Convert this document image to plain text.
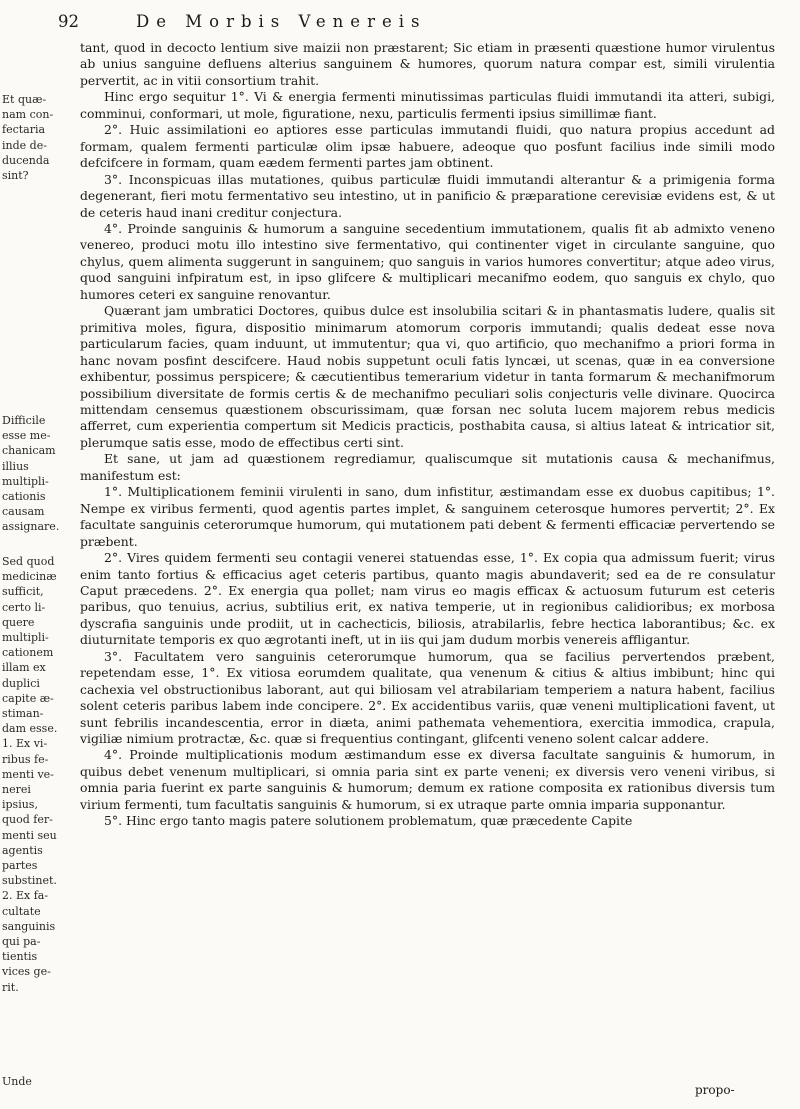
92	De Morbis Venereis
Et quæ-nam con-fectaria inde de-ducenda sint?
Difficile esse me-chanicam illius multipli-cationis causam assignare.
Sed quod medicinæ sufficit, certo li-quere multipli-cationem illam ex duplici capite æ-stiman-dam esse. 1. Ex vi-ribus fe-menti ve-nerei ipsius, quod fer-menti seu agentis partes substinet. 2. Ex fa-cultate sanguinis qui pa-tientis vices ge-rit.
Unde

tant, quod in decocto lentium sive maizii non præstarent; Sic etiam in præsenti quæstione humor virulentus ab unius sanguine defluens alterius sanguinem & humores, quorum natura compar est, simili virulentia pervertit, ac in vitii consortium trahit.

Hinc ergo sequitur 1°. Vi & energia fermenti minutissimas particulas fluidi immutandi ita atteri, subigi, comminui, conformari, ut mole, figuratione, nexu, particulis fermenti ipsius simillimæ fiant.

2°. Huic assimilationi eo aptiores esse particulas immutandi fluidi, quo natura propius accedunt ad formam, qualem fermenti particulæ olim ipsæ habuere, adeoque quo posfunt facilius inde simili modo defcifcere in formam, quam eædem fermenti partes jam obtinent.

3°. Inconspicuas illas mutationes, quibus particulæ fluidi immutandi alterantur & a primigenia forma degenerant, fieri motu fermentativo seu intestino, ut in panificio & præparatione cerevisiæ evidens est, & ut de ceteris haud inani creditur conjectura.

4°. Proinde sanguinis & humorum a sanguine secedentium immutationem, qualis fit ab admixto veneno venereo, produci motu illo intestino sive fermentativo, qui continenter viget in circulante sanguine, quo chylus, quem alimenta suggerunt in sanguinem; quo sanguis in varios humores convertitur; atque adeo virus, quod sanguini infpiratum est, in ipso glifcere & multiplicari mecanifmo eodem, quo sanguis ex chylo, quo humores ceteri ex sanguine renovantur.

Quærant jam umbratici Doctores, quibus dulce est insolubilia scitari & in phantasmatis ludere, qualis sit primitiva moles, figura, dispositio minimarum atomorum corporis immutandi; qualis dedeat esse nova particularum facies, quam induunt, ut immutentur; qua vi, quo artificio, quo mechanifmo a priori forma in hanc novam posfint descifcere. Haud nobis suppetunt oculi fatis lyncæi, ut scenas, quæ in ea conversione exhibentur, possimus perspicere; & cæcutientibus temerarium videtur in tanta formarum & mechanifmorum possibilium diversitate de formis certis & de mechanifmo peculiari solis conjecturis velle divinare. Quocirca mittendam censemus quæstionem obscurissimam, quæ forsan nec soluta lucem majorem rebus medicis afferret, cum experientia compertum sit Medicis practicis, posthabita causa, si altius lateat & intricatior sit, plerumque satis esse, modo de effectibus certi sint.

Et sane, ut jam ad quæstionem regrediamur, qualiscumque sit mutationis causa & mechanifmus, manifestum est:

1°. Multiplicationem feminii virulenti in sano, dum infistitur, æstimandam esse ex duobus capitibus; 1°. Nempe ex viribus fermenti, quod agentis partes implet, & sanguinem ceterosque humores pervertit; 2°. Ex facultate sanguinis ceterorumque humorum, qui mutationem pati debent & fermenti efficaciæ pervertendo se præbent.

2°. Vires quidem fermenti seu contagii venerei statuendas esse, 1°. Ex copia qua admissum fuerit; virus enim tanto fortius & efficacius aget ceteris partibus, quanto magis abundaverit; sed ea de re consulatur Caput præcedens. 2°. Ex energia qua pollet; nam virus eo magis efficax & actuosum futurum est ceteris paribus, quo tenuius, acrius, subtilius erit, ex nativa temperie, ut in regionibus calidioribus; ex morbosa dyscrafia sanguinis unde prodiit, ut in cachecticis, biliosis, atrabilarlis, febre hectica laborantibus; &c. ex diuturnitate temporis ex quo ægrotanti ineft, ut in iis qui jam dudum morbis venereis affligantur.

3°. Facultatem vero sanguinis ceterorumque humorum, qua se facilius pervertendos præbent, repetendam esse, 1°. Ex vitiosa eorumdem qualitate, qua venenum & citius & altius imbibunt; hinc qui cachexia vel obstructionibus laborant, aut qui biliosam vel atrabilariam temperiem a natura habent, facilius solent ceteris paribus labem inde concipere. 2°. Ex accidentibus variis, quæ veneni multiplicationi favent, ut sunt febrilis incandescentia, error in diæta, animi pathemata vehementiora, exercitia immodica, crapula, vigiliæ nimium protractæ, &c. quæ si frequentius contingant, glifcenti veneno solent calcar addere.

4°. Proinde multiplicationis modum æstimandum esse ex diversa facultate sanguinis & humorum, in quibus debet venenum multiplicari, si omnia paria sint ex parte veneni; ex diversis vero veneni viribus, si omnia paria fuerint ex parte sanguinis & humorum; demum ex ratione composita ex rationibus diversis tum virium fermenti, tum facultatis sanguinis & humorum, si ex utraque parte omnia imparia supponantur.

5°. Hinc ergo tanto magis patere solutionem problematum, quæ præcedente Capite

propo-
